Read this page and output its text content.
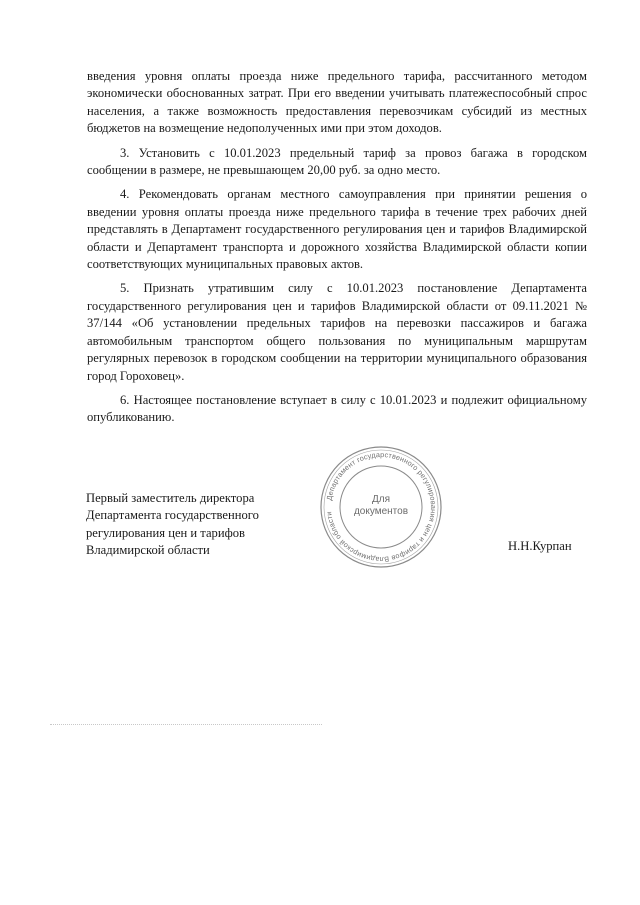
введения уровня оплаты проезда ниже предельного тарифа, рассчитанного методом экономически обоснованных затрат. При его введении учитывать платежеспособный спрос населения, а также возможность предоставления перевозчикам субсидий из местных бюджетов на возмещение недополученных ими при этом доходов.

3. Установить с 10.01.2023 предельный тариф за провоз багажа в городском сообщении в размере, не превышающем 20,00 руб. за одно место.

4. Рекомендовать органам местного самоуправления при принятии решения о введении уровня оплаты проезда ниже предельного тарифа в течение трех рабочих дней представлять в Департамент государственного регулирования цен и тарифов Владимирской области и Департамент транспорта и дорожного хозяйства Владимирской области копии соответствующих муниципальных правовых актов.

5. Признать утратившим силу с 10.01.2023 постановление Департамента государственного регулирования цен и тарифов Владимирской области от 09.11.2021 № 37/144 «Об установлении предельных тарифов на перевозки пассажиров и багажа автомобильным транспортом общего пользования по муниципальным маршрутам регулярных перевозок в городском сообщении на территории муниципального образования город Гороховец».

6. Настоящее постановление вступает в силу с 10.01.2023 и подлежит официальному опубликованию.

Департамент государственного регулирования цен и тарифов Владимирской области
Для
документов
Первый заместитель директора
Департамента государственного
регулирования цен и тарифов
Владимирской области	Н.Н.Курпан
